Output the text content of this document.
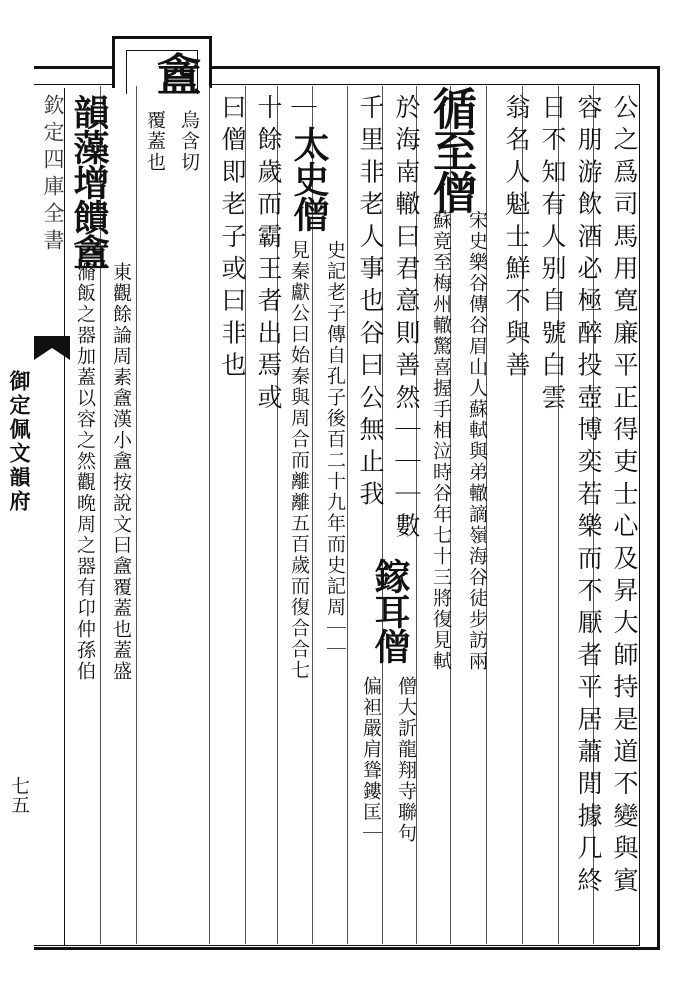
欽定四庫全書
御定佩文韻府
七五	公之爲司馬用寛廉平正得吏士心及昇大師持是道不變與賓
容朋游飲酒必極醉投壺博奕若樂而不厭者平居蕭閒據几終
日不知有人别自號白雲
翁名人魁士鮮不與善
循至僧
宋史樂谷傳谷眉山人蘇軾與弟轍謫嶺海谷徒步訪兩
蘇竟至梅州轍驚喜握手相泣時谷年七十三將復見軾
於海南轍曰君意則善然｜｜｜數
鎵耳僧
僧大訢龍翔寺聯句
千里非老人事也谷曰公無止我
偏袒嚴肩聳鏤匡｜
｜
太史僧
史記老子傳自孔子後百二十九年而史記周｜｜
見秦獻公曰始秦與周合而離離五百歲而復合合七
十餘歲而霸王者出焉或
曰僧即老子或曰非也
盦
烏含切
覆蓋也
韻藻增饋盦
東觀餘論周素盦漢小盦按說文曰盦覆蓋也蓋盛
滫飯之器加蓋以容之然觀晚周之器有卬仲孫伯
